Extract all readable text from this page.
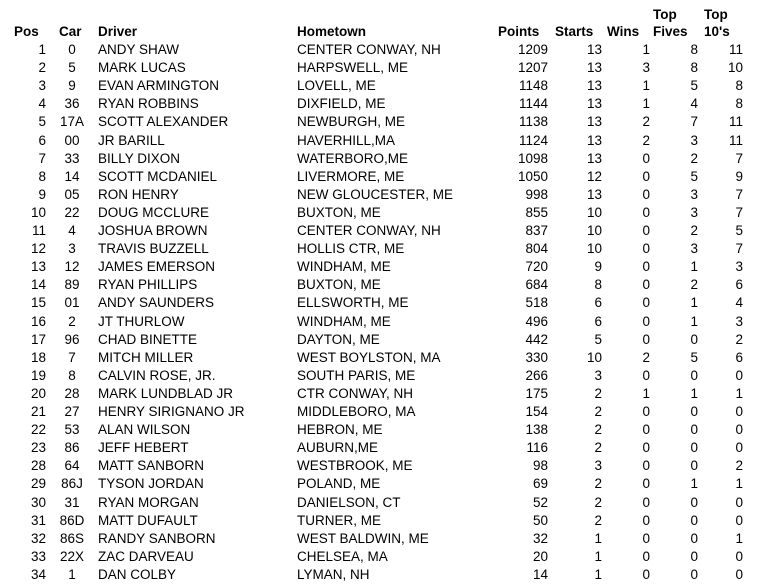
Pos Car Driver	Hometown	Points Starts Wins
Top
Fives
Top
10's
1	0	ANDY SHAW	CENTER CONWAY, NH	1209	13	1	8	11
2	5	MARK LUCAS	HARPSWELL, ME	1207	13	3	8	10
3	9	EVAN ARMINGTON	LOVELL, ME	1148	13	1	5	8
4	36	RYAN ROBBINS	DIXFIELD, ME	1144	13	1	4	8
5	17A	SCOTT ALEXANDER	NEWBURGH, ME	1138	13	2	7	11
6	00	JR BARILL	HAVERHILL,MA	1124	13	2	3	11
7	33	BILLY DIXON	WATERBORO,ME	1098	13	0	2	7
8	14	SCOTT MCDANIEL	LIVERMORE, ME	1050	12	0	5	9
9	05	RON HENRY	NEW GLOUCESTER, ME	998	13	0	3	7
10	22	DOUG MCCLURE	BUXTON, ME	855	10	0	3	7
11	4	JOSHUA BROWN	CENTER CONWAY, NH	837	10	0	2	5
12	3	TRAVIS BUZZELL	HOLLIS CTR, ME	804	10	0	3	7
13	12	JAMES EMERSON	WINDHAM, ME	720	9	0	1	3
14	89	RYAN PHILLIPS	BUXTON, ME	684	8	0	2	6
15	01	ANDY SAUNDERS	ELLSWORTH, ME	518	6	0	1	4
16	2	JT THURLOW	WINDHAM, ME	496	6	0	1	3
17	96	CHAD BINETTE	DAYTON, ME	442	5	0	0	2
18	7	MITCH MILLER	WEST BOYLSTON, MA	330	10	2	5	6
19	8	CALVIN ROSE, JR.	SOUTH PARIS, ME	266	3	0	0	0
20	28	MARK LUNDBLAD JR	CTR CONWAY, NH	175	2	1	1	1
21	27	HENRY SIRIGNANO JR	MIDDLEBORO, MA	154	2	0	0	0
22	53	ALAN WILSON	HEBRON, ME	138	2	0	0	0
23	86	JEFF HEBERT	AUBURN,ME	116	2	0	0	0
28	64	MATT SANBORN	WESTBROOK, ME	98	3	0	0	2
29	86J	TYSON JORDAN	POLAND, ME	69	2	0	1	1
30	31	RYAN MORGAN	DANIELSON, CT	52	2	0	0	0
31	86D	MATT DUFAULT	TURNER, ME	50	2	0	0	0
32	86S	RANDY SANBORN	WEST BALDWIN, ME	32	1	0	0	1
33	22X	ZAC DARVEAU	CHELSEA, MA	20	1	0	0	0
34	1	DAN COLBY	LYMAN, NH	14	1	0	0	0
